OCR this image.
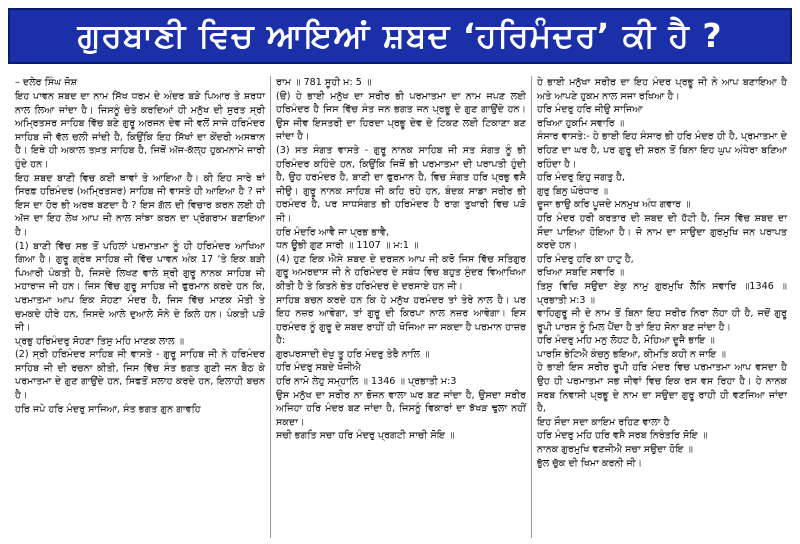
ਗੁਰਬਾਣੀ ਵਿਚ ਆਇਆਂ ਸ਼ਬਦ ‘ਹਰਿਮੰਦਰ’ ਕੀ ਹੈ ?
– ਦਲੇਰ ਸਿੰਘ ਜੋਸ਼

ਇਹ ਪਾਵਨ ਸ਼ਬਦ ਦਾ ਨਾਮ ਸਿੱਖ ਧਰਮ ਦੇ ਅੰਦਰ ਬੜੇ ਪਿਆਰ ਤੇ ਸ਼ਰਧਾ ਨਾਲ ਲਿਆ ਜਾਂਦਾ ਹੈ। ਜਿਸਨੂੰ ਚੇਤੇ ਕਰਦਿਆਂ ਹੀ ਮਨੁੱਖ ਦੀ ਸੁਰਤ ਸ੍ਰੀ ਅਮ੍ਰਿਤਸਰ ਸਾਹਿਬ ਵਿੱਚ ਬਣੇ ਗੁਰੂ ਅਰਜਨ ਦੇਵ ਜੀ ਵਲੋਂ ਸਾਜੇ ਹਰਿਮੰਦਰ ਸਾਹਿਬ ਜੀ ਵੱਲ ਚਲੀ ਜਾਂਦੀ ਹੈ, ਕਿਉਂਕਿ ਇਹ ਸਿੱਖਾਂ ਦਾ ਕੇਂਦਰੀ ਅਸਥਾਨ ਹੈ। ਇਥੇ ਹੀ ਅਕਾਲ ਤਖ਼ਤ ਸਾਹਿਬ ਹੈ, ਜਿਥੋਂ ਅੱਜ-ਕੱਲ੍ਹ ਹੁਕਮਨਾਮੇ ਜਾਰੀ ਹੁੰਦੇ ਹਨ।

ਇਹ ਸ਼ਬਦ ਬਾਣੀ ਵਿਚ ਕਈ ਥਾਵਾਂ ਤੇ ਆਇਆ ਹੈ। ਕੀ ਇਹ ਸਾਰੇ ਥਾਂ ਸਿਰਫ਼ ਹਰਿਮੰਦਰ (ਅਮ੍ਰਿਤਸਰ) ਸਾਹਿਬ ਜੀ ਵਾਸਤੇ ਹੀ ਆਇਆ ਹੈ ? ਜਾਂ ਇਸ ਦਾ ਹੋਰ ਭੀ ਅਰਥ ਬਣਦਾ ਹੈ ? ਇਸ ਗੱਲ ਦੀ ਵਿਚਾਰ ਕਰਨ ਲਈ ਹੀ ਅੱਜ ਦਾ ਇਹ ਲੇਖ ਆਪ ਜੀ ਨਾਲ ਸਾਂਝਾ ਕਰਨ ਦਾ ਪ੍ਰੋਗਰਾਮ ਬਣਾਇਆ ਹੈ।

(1) ਬਾਣੀ ਵਿੱਚ ਸਭ ਤੋਂ ਪਹਿਲਾਂ ਪਰਮਾਤਮਾ ਨੂੰ ਹੀ ਹਰਿਮੰਦਰ ਆਖਿਆ ਗਿਆ ਹੈ। ਗੁਰੂ ਗ੍ਰੰਥ ਸਾਹਿਬ ਜੀ ਵਿੱਚ ਪਾਵਨ ਅੰਕ 17 ‘ਤੇ ਇਕ ਬੜੀ ਪਿਆਰੀ ਪੰਕਤੀ ਹੈ, ਜਿਸਦੇ ਲਿਖਣ ਵਾਲੇ ਸ਼੍ਰੀ ਗੁਰੂ ਨਾਨਕ ਸਾਹਿਬ ਜੀ ਮਹਾਰਾਜ ਜੀ ਹਨ। ਜਿਸ ਵਿੱਚ ਗੁਰੂ ਸਾਹਿਬ ਜੀ ਫੁਰਮਾਨ ਕਰਦੇ ਹਨ ਕਿ, ਪਰਮਾਤਮਾ ਆਪ ਇਕ ਸੋਹਣਾ ਮੰਦਰ ਹੈ, ਜਿਸ ਵਿੱਚ ਮਾਣਕ ਮੋਤੀ ਤੇ ਚਮਕਦੇ ਹੀਰੇ ਹਨ, ਜਿਸਦੇ ਆਲੇ ਦੁਆਲੇ ਸੋਨੇ ਦੇ ਕਿਲੇ ਹਨ। ਪੰਕਤੀ ਪੜੋ ਜੀ।

ਪ੍ਰਭੁ ਹਰਿਮੰਦਰੁ ਸੋਹਣਾ ਤਿਸੁ ਮਹਿ ਮਾਣਕ ਲਾਲ ॥

(2) ਸ੍ਰੀ ਹਰਿਮੰਦਰ ਸਾਹਿਬ ਜੀ ਵਾਸਤੇ - ਗੁਰੂ ਸਾਹਿਬ ਜੀ ਨੇ ਹਰਿਮੰਦਰ ਸਾਹਿਬ ਜੀ ਦੀ ਰਚਨਾ ਕੀਤੀ, ਜਿਸ ਵਿੱਚ ਸੰਤ ਭਗਤ ਗੁਣੀ ਜਨ ਬੈਠ ਕੇ ਪਰਮਾਤਮਾ ਦੇ ਗੁਣ ਗਾਉਂਦੇ ਹਨ, ਸਿਫਤੋਂ ਸਲਾਹ ਕਰਦੇ ਹਨ, ਇਲਾਹੀ ਬਚਨ ਹੈ।

ਹਰਿ ਜਪੇ ਹਰਿ ਮੰਦਰੁ ਸਾਜਿਆ, ਸੰਤ ਭਗਤ ਗੁਨ ਗਾਵਹਿ

ਰਾਮ ॥ 781 ਸੂਹੀ ਮ: 5 ॥

(ੳ) ਹੇ ਭਾਈ ਮਨੁੱਖ ਦਾ ਸਰੀਰ ਭੀ ਪਰਮਾਤਮਾ ਦਾ ਨਾਮ ਜਪਣ ਲਈ ਹਰਿਮੰਦਰ ਹੈ ਜਿਸ ਵਿੱਚ ਸੰਤ ਜਨ ਭਗਤ ਜਨ ਪ੍ਰਭੂ ਦੇ ਗੁਣ ਗਾਉਂਦੇ ਹਨ। ਉਸ ਜੀਵ ਇਸਤਰੀ ਦਾ ਹਿਰਦਾ ਪ੍ਰਭੂ ਦੇਵ ਦੇ ਟਿਕਣ ਲਈ ਟਿਕਾਣਾ ਬਣ ਜਾਂਦਾ ਹੈ।

(3) ਸਤ ਸੰਗਤ ਵਾਸਤੇ - ਗੁਰੂ ਨਾਨਕ ਸਾਹਿਬ ਜੀ ਸਤ ਸੰਗਤ ਨੂੰ ਭੀ ਹਰਿਮੰਦਰ ਕਹਿੰਦੇ ਹਨ, ਕਿਉਂਕਿ ਜਿਥੋਂ ਭੀ ਪਰਮਾਤਮਾ ਦੀ ਪਰਾਪਤੀ ਹੁੰਦੀ ਹੈ, ਉਹ ਹਰਮੰਦਰ ਹੈ, ਬਾਣੀ ਦਾ ਫੁਰਮਾਨ ਹੈ, ਵਿਚ ਸੰਗਤ ਹਰਿ ਪ੍ਰਭੁ ਵਸੈ ਜੀਉ। ਗੁਰੂ ਨਾਨਕ ਸਾਹਿਬ ਜੀ ਕਹਿ ਰਹੇ ਹਨ, ਬੰਦਕ ਸਾਡਾ ਸਰੀਰ ਭੀ ਹਰਮੰਦਰ ਹੈ, ਪਰ ਸਾਧਸੰਗਤ ਭੀ ਹਰਿਮੰਦਰ ਹੈ ਰਾਗ ਤੁਖਾਰੀ ਵਿਚ ਪੜੋ ਜੀ।

ਹਰਿ ਮੰਦਰਿ ਆਵੈ ਜਾ ਪ੍ਰਭ ਭਾਵੈ,

ਧਨ ਊਭੀ ਗੁਣ ਸਾਰੀ ॥ 1107 ॥ ਮ:1 ॥

(4) ਹੁਣ ਇਕ ਐਸੇ ਸ਼ਬਦ ਦੇ ਦਰਸ਼ਨ ਆਪ ਜੀ ਕਰੋ ਜਿਸ ਵਿੱਚ ਸਤਿਗੁਰ ਗੁਰੂ ਅਮਰਦਾਸ ਜੀ ਨੇ ਹਰਿਮੰਦਰ ਦੇ ਸਬੰਧ ਵਿਚ ਬਹੁਤ ਸੁੰਦਰ ਵਿਆਖਿਆ ਕੀਤੀ ਹੈ ਤੇ ਕਿਤਨੇ ਭੇਤ ਹਰਿਮੰਦਰ ਦੇ ਦਰਸਾਏ ਹਨ ਜੀ।

ਸਾਹਿਬ ਬਚਨ ਕਰਦੇ ਹਨ ਕਿ ਹੇ ਮਨੁੱਖ ਹਰਮੰਦਰ ਤਾਂ ਤੇਰੇ ਨਾਲ ਹੈ। ਪਰ ਇਹ ਨਜ਼ਰ ਆਵੇਗਾ, ਤਾਂ ਗੁਰੂ ਦੀ ਕਿਰਪਾ ਨਾਲ ਨਜ਼ਰ ਆਵੇਗਾ। ਇਸ ਹਰਮੰਦਰ ਨੂੰ ਗੁਰੂ ਦੇ ਸ਼ਬਦ ਰਾਹੀਂ ਹੀ ਖੋਜਿਆ ਜਾ ਸਕਦਾ ਹੈ ਪਰਮਾਨ ਹਾਜ਼ਰ ਹੈ:

ਗੁਰਪਰਸਾਦੀ ਦੇਖੁ ਤੂ ਹਰਿ ਮੰਦਰੁ ਤੇਰੈ ਨਾਲਿ ॥

ਹਰਿ ਮੰਦਰੁ ਸਬਦੇ ਖੋਜੀਐ

ਹਰਿ ਨਾਮੋ ਲੇਹੁ ਸਮ੍ਹਾਲਿ ॥ 1346 ॥ ਪ੍ਰਭਾਤੀ ਮ:3

ਉਸ ਮਨੁੱਖ ਦਾ ਸਰੀਰ ਨਾ ਭੋਜਨ ਵਾਲਾ ਘਰ ਬਣ ਜਾਂਦਾ ਹੈ, ਉਸਦਾ ਸਰੀਰ ਅਜਿਹਾ ਹਰਿ ਮੰਦਰ ਬਣ ਜਾਂਦਾ ਹੈ, ਜਿਸਨੂੰ ਵਿਕਾਰਾਂ ਦਾ ਝੱਖੜ ਢੁਲਾ ਨਹੀਂ ਸਕਦਾ।

ਸਚੀ ਭਗਤਿ ਸਚਾ ਹਰਿ ਮੰਦਰੁ ਪ੍ਰਗਟੀ ਸਾਚੀ ਸੋਇ ॥

ਹੇ ਭਾਈ ਮਨੁੱਖਾ ਸਰੀਰ ਦਾ ਇਹ ਮੰਦਰ ਪ੍ਰਭੂ ਜੀ ਨੇ ਆਪ ਬਣਾਇਆ ਹੈ ਅਤੇ ਆਪਣੇ ਹੁਕਮ ਨਾਲ ਸਜਾ ਰਖਿਆ ਹੈ।

ਹਰਿ ਮੰਦਰੁ ਹਰਿ ਜੀਉ ਸਾਜਿਆ

ਰਖਿਆ ਹੁਕਮਿ ਸਵਾਰਿ ॥

ਸੰਸਾਰ ਵਾਸਤੇ:- ਹੇ ਭਾਈ ਇਹ ਸੰਸਾਰ ਭੀ ਹਰਿ ਮੰਦਰ ਹੀ ਹੈ, ਪ੍ਰਮਾਤਮਾ ਦੇ ਰਹਿਣ ਦਾ ਘਰ ਹੈ, ਪਰ ਗੁਰੂ ਦੀ ਸ਼ਰਨ ਤੋਂ ਬਿਨਾ ਇਹ ਘੁਪ ਅੰਧੇਰਾ ਬਣਿਆ ਰਹਿੰਦਾ ਹੈ।

ਹਰਿ ਮੰਦਰੁ ਇਹੁ ਜਗਤੁ ਹੈ,

ਗੁਰੁ ਬਿਨੁ ਘੋਰੰਧਾਰ ॥

ਦੂਜਾ ਭਾਉ ਕਰਿ ਪੂਜਦੇ ਮਨਮੁਖ ਅੰਧ ਗਵਾਰ ॥

ਹਰਿ ਮੰਦਰ ਹਰੀ ਕਰਤਾਰ ਦੀ ਸ਼ਬਦ ਦੀ ਹੱਟੀ ਹੈ, ਜਿਸ ਵਿੱਚ ਸ਼ਬਦ ਦਾ ਸੌਦਾ ਪਾਇਆ ਹੋਇਆ ਹੈ। ਜੋ ਨਾਮ ਦਾ ਸਾਉਦਾ ਗੁਰਮੁਖਿ ਜਨ ਪਰਾਪਤ ਕਰਦੇ ਹਨ।

ਹਰਿ ਮੰਦਰੁ ਹਰਿ ਕਾ ਹਾਟੁ ਹੈ,

ਰਖਿਆ ਸਬਦਿ ਸਵਾਰਿ ॥

ਤਿਸੁ ਵਿਚਿ ਸਉਦਾ ਏਕੁ ਨਾਮੁ ਗੁਰਮੁਖਿ ਲੈਨਿ ਸਵਾਰਿ ॥1346 ॥ ਪ੍ਰਭਾਤੀ ਮ:3 ॥

ਵਾਹਿਗੁਰੂ ਜੀ ਦੇ ਨਾਮ ਤੋਂ ਬਿਨਾ ਇਹ ਸਰੀਰ ਨਿਰਾ ਲੋਹਾ ਹੀ ਹੈ, ਜਦੋਂ ਗੁਰੂ ਰੂਪੀ ਪਾਰਸ ਨੂੰ ਮਿਲ ਪੈਂਦਾ ਹੈ ਤਾਂ ਇਹ ਸੋਨਾ ਬਣ ਜਾਂਦਾ ਹੈ।

ਹਰਿ ਮੰਦਰੁ ਮਹਿ ਮਨੁ ਲੋਹਟ ਹੈ, ਮੋਹਿਆ ਦੂਜੈ ਭਾਇ ॥

ਪਾਰਸਿ ਭੇਟਿਐ ਕੰਚਨੁ ਭਇਆ, ਕੀਮਤਿ ਕਹੀ ਨ ਜਾਇ ॥

ਹੇ ਭਾਈ ਇਸ ਸਰੀਰ ਰੂਪੀ ਹਰਿ ਮੰਦਰ ਵਿਚ ਪਰਮਾਤਮਾ ਆਪ ਵਸਦਾ ਹੈ ਉਹ ਹੀ ਪਰਮਾਤਮਾ ਸਭ ਜੀਵਾਂ ਵਿਚ ਇਕ ਰਸ ਵਸ ਰਿਹਾ ਹੈ। ਹੇ ਨਾਨਕ ਸਰਬ ਨਿਵਾਸੀ ਪ੍ਰਭੂ ਦੇ ਨਾਮ ਦਾ ਸਉਦਾ ਗੁਰੂ ਰਾਹੀ ਹੀ ਵਣਜਿਆ ਜਾਂਦਾ ਹੈ,

ਇਹ ਸੌਦਾ ਸਦਾ ਕਾਇਮ ਰਹਿਣ ਵਾਲਾ ਹੈ

ਹਰਿ ਮੰਦਰੁ ਮਹਿ ਹਰਿ ਵਸੈ ਸਰਬ ਨਿਰੰਤਰਿ ਸੋਇ ॥

ਨਾਨਕ ਗੁਰਮੁਖਿ ਵਣਜੀਐ ਸਚਾ ਸਉਦਾ ਹੋਇ ॥

ਭੁੱਲ ਚੁੱਕ ਦੀ ਖਿਮਾ ਕਰਨੀ ਜੀ।
